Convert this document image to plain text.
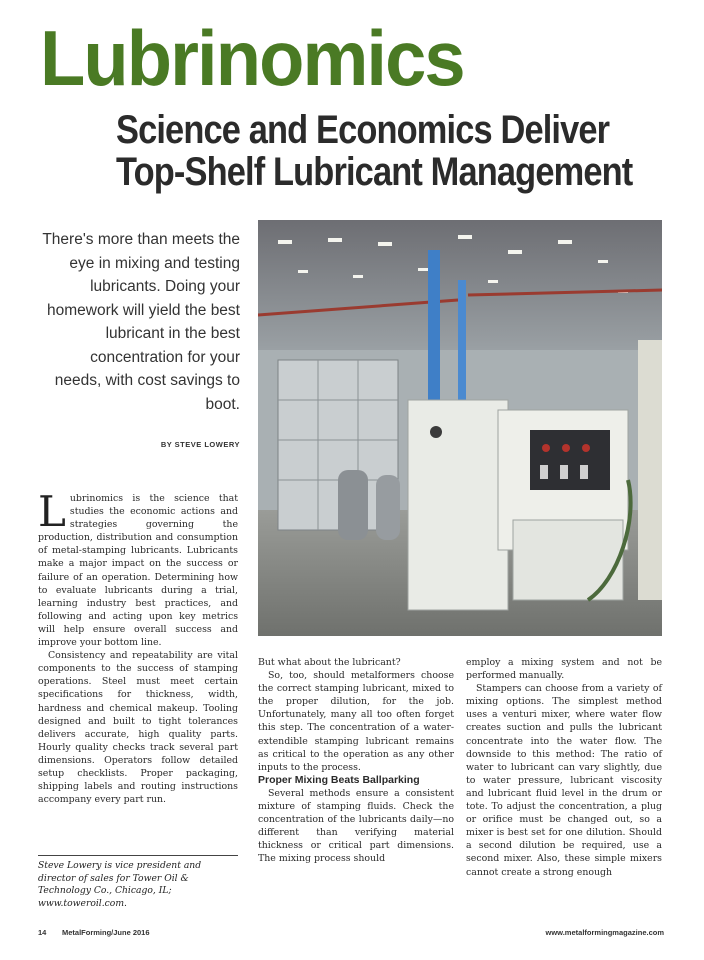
Lubrinomics
Science and Economics Deliver
Top-Shelf Lubricant Management
There's more than meets the eye in mixing and testing lubricants. Doing your homework will yield the best lubricant in the best concentration for your needs, with cost savings to boot.
BY STEVE LOWERY

Lubrinomics is the science that studies the economic actions and strategies governing the production, distribution and consumption of metal-stamping lubricants. Lubricants make a major impact on the success or failure of an operation. Determining how to evaluate lubricants during a trial, learning industry best practices, and following and acting upon key metrics will help ensure overall success and improve your bottom line.

Consistency and repeatability are vital components to the success of stamping operations. Steel must meet certain specifications for thickness, width, hardness and chemical makeup. Tooling designed and built to tight tolerances delivers accurate, high quality parts. Hourly quality checks track several part dimensions. Operators follow detailed setup checklists. Proper packaging, shipping labels and routing instructions accompany every part run.

Steve Lowery is vice president and director of sales for Tower Oil & Technology Co., Chicago, IL; www.toweroil.com.

But what about the lubricant?

So, too, should metalformers choose the correct stamping lubricant, mixed to the proper dilution, for the job. Unfortunately, many all too often forget this step. The concentration of a water-extendible stamping lubricant remains as critical to the operation as any other inputs to the process.

Proper Mixing Beats Ballparking

Several methods ensure a consistent mixture of stamping fluids. Check the concentration of the lubricants daily—no different than verifying material thickness or critical part dimensions. The mixing process should

employ a mixing system and not be performed manually.

Stampers can choose from a variety of mixing options. The simplest method uses a venturi mixer, where water flow creates suction and pulls the lubricant concentrate into the water flow. The downside to this method: The ratio of water to lubricant can vary slightly, due to water pressure, lubricant viscosity and lubricant fluid level in the drum or tote. To adjust the concentration, a plug or orifice must be changed out, so a mixer is best set for one dilution. Should a second dilution be required, use a second mixer. Also, these simple mixers cannot create a strong enough

14 MetalForming/June 2016	www.metalformingmagazine.com
